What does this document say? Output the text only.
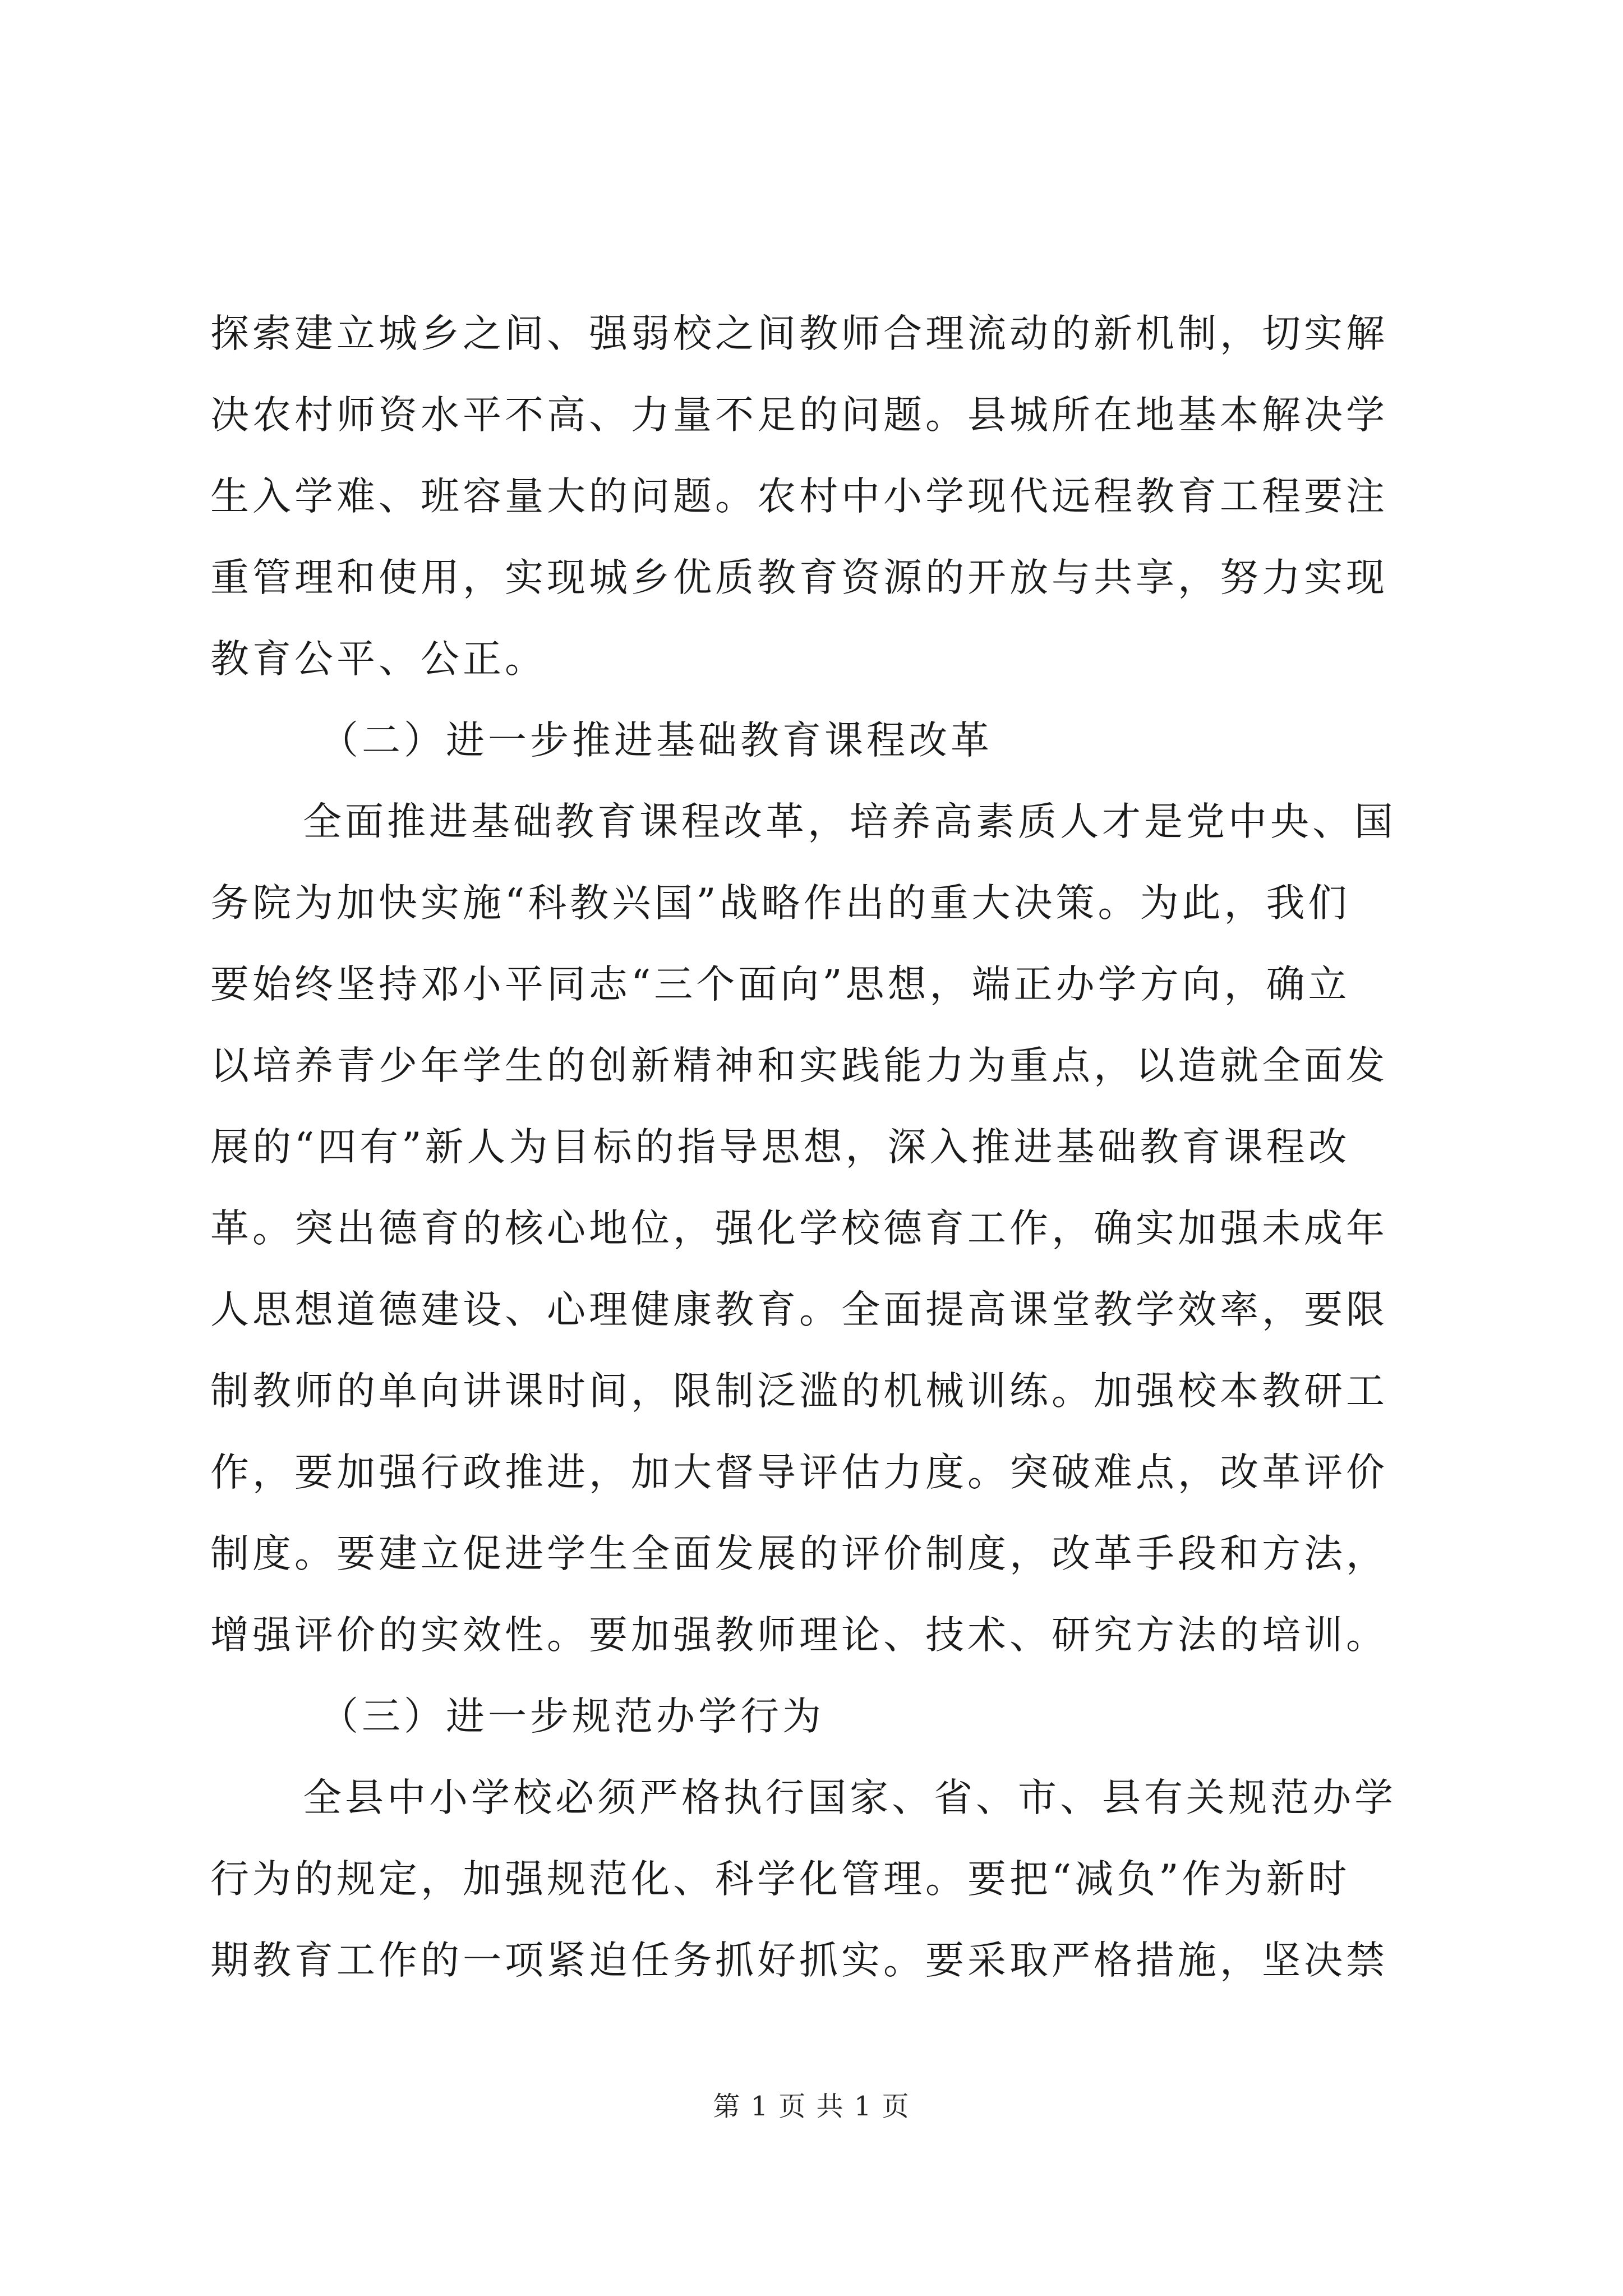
探索建立城乡之间、强弱校之间教师合理流动的新机制，切实解
决农村师资水平不高、力量不足的问题。县城所在地基本解决学
生入学难、班容量大的问题。农村中小学现代远程教育工程要注
重管理和使用，实现城乡优质教育资源的开放与共享，努力实现
教育公平、公正。
（二）进一步推进基础教育课程改革
全面推进基础教育课程改革，培养高素质人才是党中央、国
务院为加快实施“科教兴国”战略作出的重大决策。为此，我们
要始终坚持邓小平同志“三个面向”思想，端正办学方向，确立
以培养青少年学生的创新精神和实践能力为重点，以造就全面发
展的“四有”新人为目标的指导思想，深入推进基础教育课程改
革。突出德育的核心地位，强化学校德育工作，确实加强未成年
人思想道德建设、心理健康教育。全面提高课堂教学效率，要限
制教师的单向讲课时间，限制泛滥的机械训练。加强校本教研工
作，要加强行政推进，加大督导评估力度。突破难点，改革评价
制度。要建立促进学生全面发展的评价制度，改革手段和方法，
增强评价的实效性。要加强教师理论、技术、研究方法的培训。
（三）进一步规范办学行为
全县中小学校必须严格执行国家、省、市、县有关规范办学
行为的规定，加强规范化、科学化管理。要把“减负”作为新时
期教育工作的一项紧迫任务抓好抓实。要采取严格措施，坚决禁
第 1 页 共 1 页
